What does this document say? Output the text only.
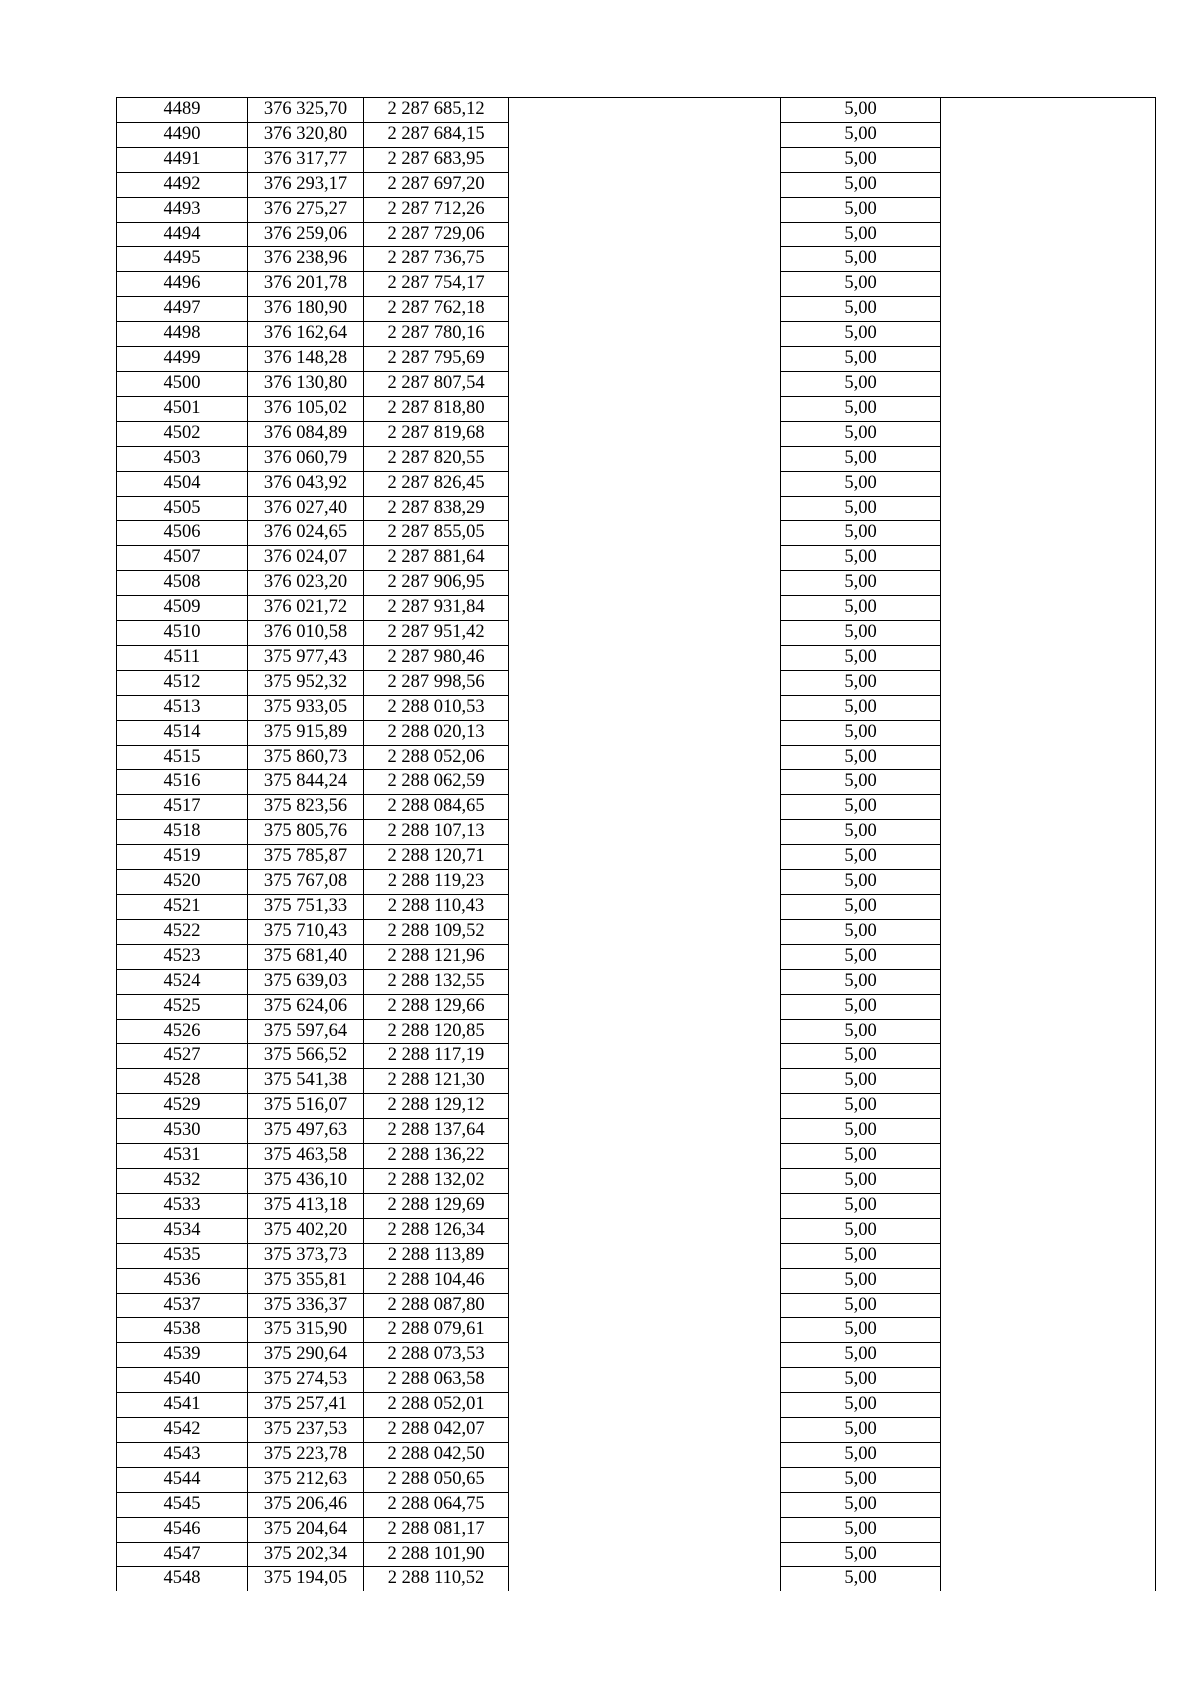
4489	376 325,70	2 287 685,12		5,00	
4490	376 320,80	2 287 684,15		5,00	
4491	376 317,77	2 287 683,95		5,00	
4492	376 293,17	2 287 697,20		5,00	
4493	376 275,27	2 287 712,26		5,00	
4494	376 259,06	2 287 729,06		5,00	
4495	376 238,96	2 287 736,75		5,00	
4496	376 201,78	2 287 754,17		5,00	
4497	376 180,90	2 287 762,18		5,00	
4498	376 162,64	2 287 780,16		5,00	
4499	376 148,28	2 287 795,69		5,00	
4500	376 130,80	2 287 807,54		5,00	
4501	376 105,02	2 287 818,80		5,00	
4502	376 084,89	2 287 819,68		5,00	
4503	376 060,79	2 287 820,55		5,00	
4504	376 043,92	2 287 826,45		5,00	
4505	376 027,40	2 287 838,29		5,00	
4506	376 024,65	2 287 855,05		5,00	
4507	376 024,07	2 287 881,64		5,00	
4508	376 023,20	2 287 906,95		5,00	
4509	376 021,72	2 287 931,84		5,00	
4510	376 010,58	2 287 951,42		5,00	
4511	375 977,43	2 287 980,46		5,00	
4512	375 952,32	2 287 998,56		5,00	
4513	375 933,05	2 288 010,53		5,00	
4514	375 915,89	2 288 020,13		5,00	
4515	375 860,73	2 288 052,06		5,00	
4516	375 844,24	2 288 062,59		5,00	
4517	375 823,56	2 288 084,65		5,00	
4518	375 805,76	2 288 107,13		5,00	
4519	375 785,87	2 288 120,71		5,00	
4520	375 767,08	2 288 119,23		5,00	
4521	375 751,33	2 288 110,43		5,00	
4522	375 710,43	2 288 109,52		5,00	
4523	375 681,40	2 288 121,96		5,00	
4524	375 639,03	2 288 132,55		5,00	
4525	375 624,06	2 288 129,66		5,00	
4526	375 597,64	2 288 120,85		5,00	
4527	375 566,52	2 288 117,19		5,00	
4528	375 541,38	2 288 121,30		5,00	
4529	375 516,07	2 288 129,12		5,00	
4530	375 497,63	2 288 137,64		5,00	
4531	375 463,58	2 288 136,22		5,00	
4532	375 436,10	2 288 132,02		5,00	
4533	375 413,18	2 288 129,69		5,00	
4534	375 402,20	2 288 126,34		5,00	
4535	375 373,73	2 288 113,89		5,00	
4536	375 355,81	2 288 104,46		5,00	
4537	375 336,37	2 288 087,80		5,00	
4538	375 315,90	2 288 079,61		5,00	
4539	375 290,64	2 288 073,53		5,00	
4540	375 274,53	2 288 063,58		5,00	
4541	375 257,41	2 288 052,01		5,00	
4542	375 237,53	2 288 042,07		5,00	
4543	375 223,78	2 288 042,50		5,00	
4544	375 212,63	2 288 050,65		5,00	
4545	375 206,46	2 288 064,75		5,00	
4546	375 204,64	2 288 081,17		5,00	
4547	375 202,34	2 288 101,90		5,00	
4548	375 194,05	2 288 110,52		5,00	
